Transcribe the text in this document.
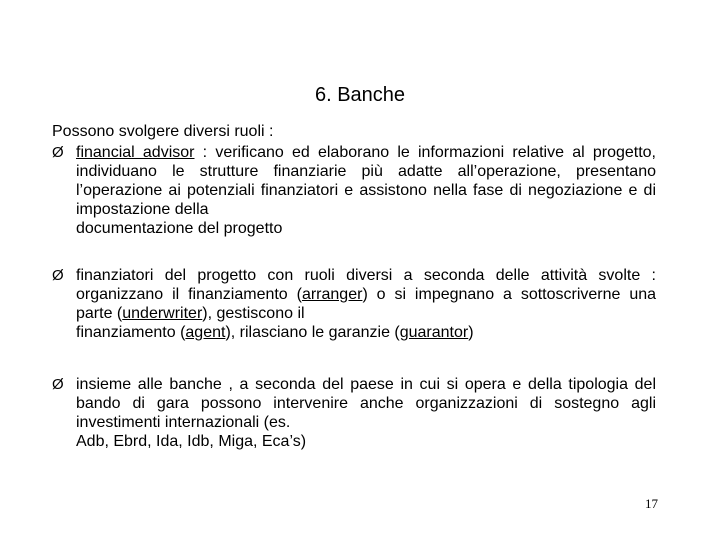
6. Banche
Possono svolgere diversi ruoli :
Ø financial advisor : verificano ed elaborano le informazioni relative al progetto, individuano le strutture finanziarie più adatte all’operazione, presentano l’operazione ai potenziali finanziatori e assistono nella fase di negoziazione e di impostazione della
documentazione del progetto
Ø finanziatori del progetto con ruoli diversi a seconda delle attività svolte : organizzano il finanziamento (arranger) o si impegnano a sottoscriverne una parte (underwriter), gestiscono il
finanziamento (agent), rilasciano le garanzie (guarantor)
Ø insieme alle banche , a seconda del paese in cui si opera e della tipologia del bando di gara possono intervenire anche organizzazioni di sostegno agli investimenti internazionali (es.
Adb, Ebrd, Ida, Idb, Miga, Eca’s)
17
